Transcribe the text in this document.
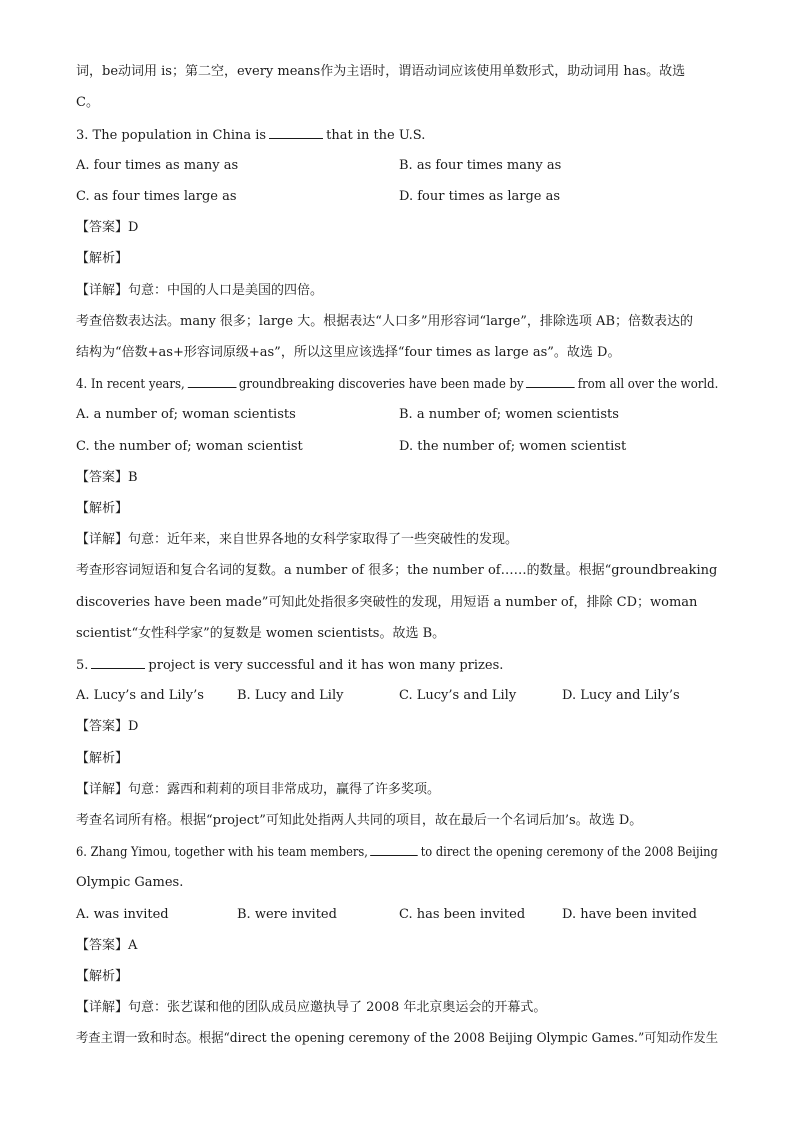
词，be动词用 is；第二空，every means作为主语时，谓语动词应该使用单数形式，助动词用 has。故选
C。
3. The population in China is	that in the U.S.
A. four times as many as	B. as four times many as
C. as four times large as	D. four times as large as
【答案】D
【解析】
【详解】句意：中国的人口是美国的四倍。
考查倍数表达法。many 很多；large 大。根据表达“人口多”用形容词“large”，排除选项 AB；倍数表达的
结构为“倍数+as+形容词原级+as”，所以这里应该选择“four times as large as”。故选 D。
4. In recent years,	groundbreaking discoveries have been made by	from all over the world.
A. a number of; woman scientists	B. a number of; women scientists
C. the number of; woman scientist	D. the number of; women scientist
【答案】B
【解析】
【详解】句意：近年来，来自世界各地的女科学家取得了一些突破性的发现。
考查形容词短语和复合名词的复数。a number of 很多；the number of……的数量。根据“groundbreaking
discoveries have been made”可知此处指很多突破性的发现，用短语 a number of，排除 CD；woman
scientist“女性科学家”的复数是 women scientists。故选 B。
5.	project is very successful and it has won many prizes.
A. Lucy’s and Lily’s	B. Lucy and Lily	C. Lucy’s and Lily	D. Lucy and Lily’s
【答案】D
【解析】
【详解】句意：露西和莉莉的项目非常成功，赢得了许多奖项。
考查名词所有格。根据“project”可知此处指两人共同的项目，故在最后一个名词后加’s。故选 D。
6. Zhang Yimou, together with his team members,	to direct the opening ceremony of the 2008 Beijing
Olympic Games.
A. was invited	B. were invited	C. has been invited	D. have been invited
【答案】A
【解析】
【详解】句意：张艺谋和他的团队成员应邀执导了 2008 年北京奥运会的开幕式。
考查主谓一致和时态。根据“direct the opening ceremony of the 2008 Beijing Olympic Games.”可知动作发生
